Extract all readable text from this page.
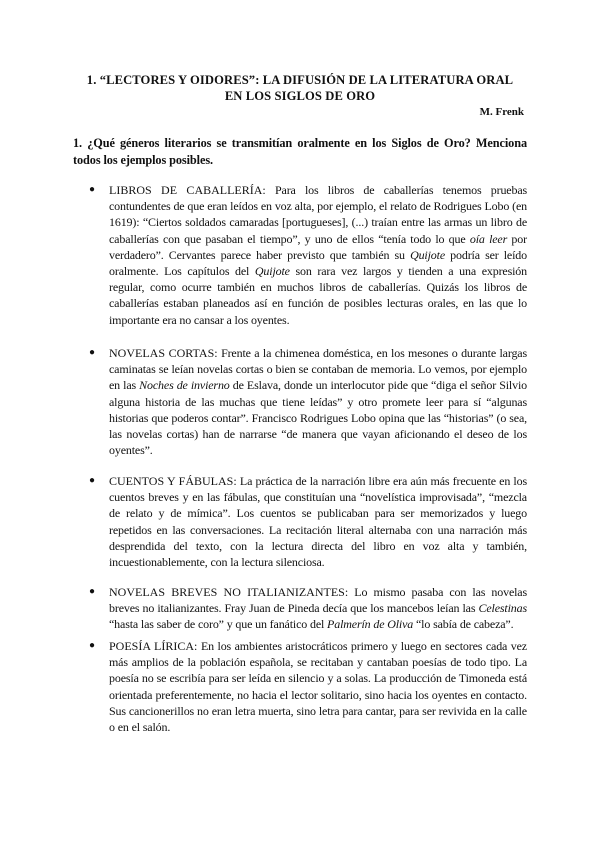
1. “LECTORES Y OIDORES”: LA DIFUSIÓN DE LA LITERATURA ORAL
EN LOS SIGLOS DE ORO
M. Frenk
1. ¿Qué géneros literarios se transmitían oralmente en los Siglos de Oro? Menciona todos los ejemplos posibles.
● LIBROS DE CABALLERÍA: Para los libros de caballerías tenemos pruebas contundentes de que eran leídos en voz alta, por ejemplo, el relato de Rodrigues Lobo (en 1619): “Ciertos soldados camaradas [portugueses], (...) traían entre las armas un libro de caballerías con que pasaban el tiempo”, y uno de ellos “tenía todo lo que oía leer por verdadero”. Cervantes parece haber previsto que también su Quijote podría ser leído oralmente. Los capítulos del Quijote son rara vez largos y tienden a una expresión regular, como ocurre también en muchos libros de caballerías. Quizás los libros de caballerías estaban planeados así en función de posibles lecturas orales, en las que lo importante era no cansar a los oyentes.
● NOVELAS CORTAS: Frente a la chimenea doméstica, en los mesones o durante largas caminatas se leían novelas cortas o bien se contaban de memoria. Lo vemos, por ejemplo en las Noches de invierno de Eslava, donde un interlocutor pide que “diga el señor Silvio alguna historia de las muchas que tiene leídas” y otro promete leer para sí “algunas historias que poderos contar”. Francisco Rodrigues Lobo opina que las “historias” (o sea, las novelas cortas) han de narrarse “de manera que vayan aficionando el deseo de los oyentes”.
● CUENTOS Y FÁBULAS: La práctica de la narración libre era aún más frecuente en los cuentos breves y en las fábulas, que constituían una “novelística improvisada”, “mezcla de relato y de mímica”. Los cuentos se publicaban para ser memorizados y luego repetidos en las conversaciones. La recitación literal alternaba con una narración más desprendida del texto, con la lectura directa del libro en voz alta y también, incuestionablemente, con la lectura silenciosa.
● NOVELAS BREVES NO ITALIANIZANTES: Lo mismo pasaba con las novelas breves no italianizantes. Fray Juan de Pineda decía que los mancebos leían las Celestinas “hasta las saber de coro” y que un fanático del Palmerín de Oliva “lo sabía de cabeza”.
● POESÍA LÍRICA: En los ambientes aristocráticos primero y luego en sectores cada vez más amplios de la población española, se recitaban y cantaban poesías de todo tipo. La poesía no se escribía para ser leída en silencio y a solas. La producción de Timoneda está orientada preferentemente, no hacia el lector solitario, sino hacia los oyentes en contacto. Sus cancionerillos no eran letra muerta, sino letra para cantar, para ser revivida en la calle o en el salón.
